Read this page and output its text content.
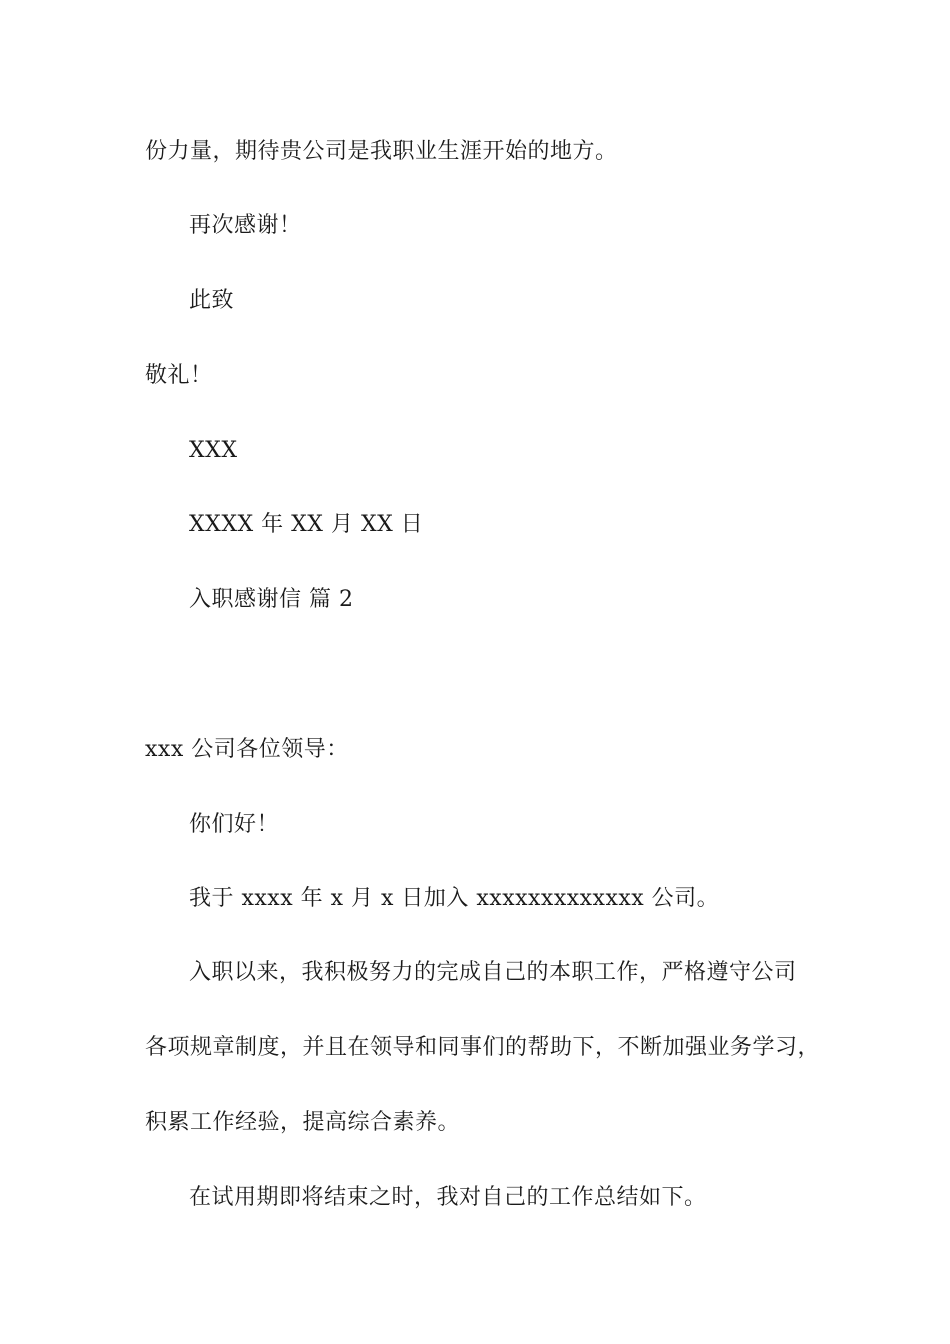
份力量，期待贵公司是我职业生涯开始的地方。
再次感谢！
此致
敬礼！
XXX
XXXX 年 XX 月 XX 日
入职感谢信 篇 2
xxx 公司各位领导：
你们好！
我于 xxxx 年 x 月 x 日加入 xxxxxxxxxxxxx 公司。
入职以来，我积极努力的完成自己的本职工作，严格遵守公司
各项规章制度，并且在领导和同事们的帮助下，不断加强业务学习，
积累工作经验，提高综合素养。
在试用期即将结束之时，我对自己的工作总结如下。
